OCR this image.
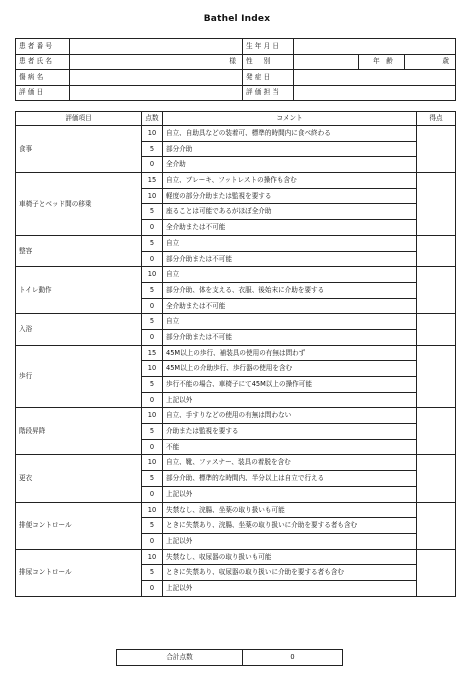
Bathel Index
患者番号		生年月日			
患者氏名	様	性　別		年　齢	歳
傷病名		発症日			
評価日		評価担当			
評価項目	点数	コメント	得点
食事	10	自立、自助具などの装着可、標準的時間内に食べ終わる	
	5	部分介助	
	0	全介助	
車椅子とベッド間の移乗	15	自立、ブレーキ、フットレストの操作も含む	
	10	軽度の部分介助または監視を要する	
	5	座ることは可能であるがほぼ全介助	
	0	全介助または不可能	
整容	5	自立	
	0	部分介助または不可能	
トイレ動作	10	自立	
	5	部分介助、体を支える、衣服、後始末に介助を要する	
	0	全介助または不可能	
入浴	5	自立	
	0	部分介助または不可能	
歩行	15	45M以上の歩行、補装具の使用の有無は問わず	
	10	45M以上の介助歩行、歩行器の使用を含む	
	5	歩行不能の場合、車椅子にて45M以上の操作可能	
	0	上記以外	
階段昇降	10	自立、手すりなどの使用の有無は問わない	
	5	介助または監視を要する	
	0	不能	
更衣	10	自立、靴、ファスナー、装具の着脱を含む	
	5	部分介助、標準的な時間内、半分以上は自立で行える	
	0	上記以外	
排便コントロール	10	失禁なし、浣腸、坐薬の取り扱いも可能	
	5	ときに失禁あり、浣腸、坐薬の取り扱いに介助を要する者も含む	
	0	上記以外	
排尿コントロール	10	失禁なし、収尿器の取り扱いも可能	
	5	ときに失禁あり、収尿器の取り扱いに介助を要する者も含む	
	0	上記以外	
合計点数	0
